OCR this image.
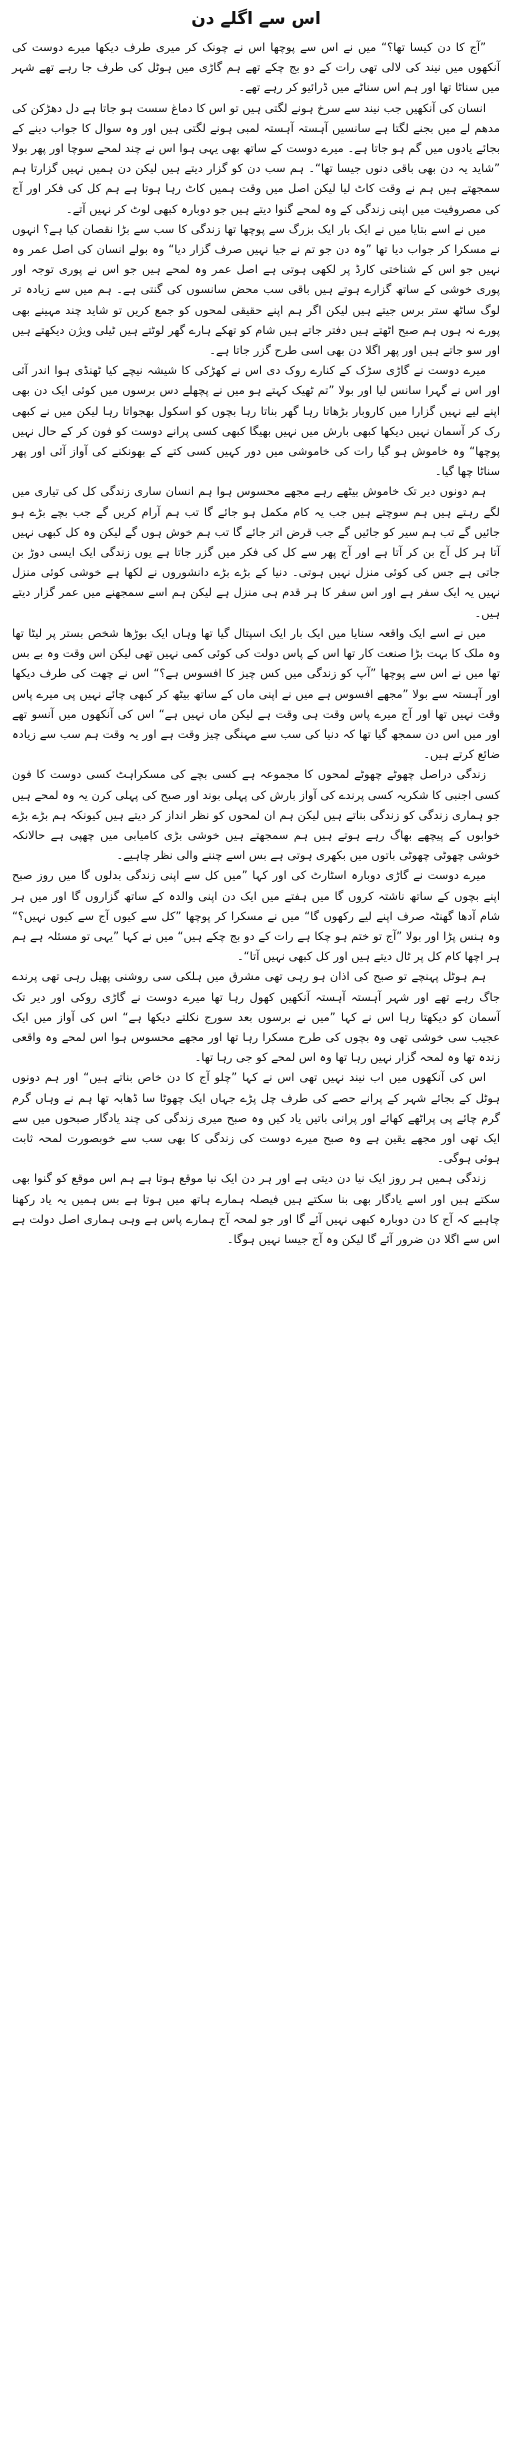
اس سے اگلے دن

”آج کا دن کیسا تھا؟“ میں نے اس سے پوچھا اس نے چونک کر میری طرف دیکھا میرے دوست کی آنکھوں میں نیند کی لالی تھی رات کے دو بج چکے تھے ہم گاڑی میں ہوٹل کی طرف جا رہے تھے شہر میں سناٹا تھا اور ہم اس سناٹے میں ڈرائیو کر رہے تھے۔

انسان کی آنکھیں جب نیند سے سرخ ہونے لگتی ہیں تو اس کا دماغ سست ہو جاتا ہے دل دھڑکن کی مدھم لے میں بجنے لگتا ہے سانسیں آہستہ آہستہ لمبی ہونے لگتی ہیں اور وہ سوال کا جواب دینے کے بجائے یادوں میں گم ہو جاتا ہے۔ میرے دوست کے ساتھ بھی یہی ہوا اس نے چند لمحے سوچا اور پھر بولا ”شاید یہ دن بھی باقی دنوں جیسا تھا“۔ ہم سب دن کو گزار دیتے ہیں لیکن دن ہمیں نہیں گزارتا ہم سمجھتے ہیں ہم نے وقت کاٹ لیا لیکن اصل میں وقت ہمیں کاٹ رہا ہوتا ہے ہم کل کی فکر اور آج کی مصروفیت میں اپنی زندگی کے وہ لمحے گنوا دیتے ہیں جو دوبارہ کبھی لوٹ کر نہیں آتے۔

میں نے اسے بتایا میں نے ایک بار ایک بزرگ سے پوچھا تھا زندگی کا سب سے بڑا نقصان کیا ہے؟ انہوں نے مسکرا کر جواب دیا تھا ”وہ دن جو تم نے جیا نہیں صرف گزار دیا“ وہ بولے انسان کی اصل عمر وہ نہیں جو اس کے شناختی کارڈ پر لکھی ہوتی ہے اصل عمر وہ لمحے ہیں جو اس نے پوری توجہ اور پوری خوشی کے ساتھ گزارے ہوتے ہیں باقی سب محض سانسوں کی گنتی ہے۔ ہم میں سے زیادہ تر لوگ ساٹھ ستر برس جیتے ہیں لیکن اگر ہم اپنے حقیقی لمحوں کو جمع کریں تو شاید چند مہینے بھی پورے نہ ہوں ہم صبح اٹھتے ہیں دفتر جاتے ہیں شام کو تھکے ہارے گھر لوٹتے ہیں ٹیلی ویژن دیکھتے ہیں اور سو جاتے ہیں اور پھر اگلا دن بھی اسی طرح گزر جاتا ہے۔

میرے دوست نے گاڑی سڑک کے کنارے روک دی اس نے کھڑکی کا شیشہ نیچے کیا ٹھنڈی ہوا اندر آئی اور اس نے گہرا سانس لیا اور بولا ”تم ٹھیک کہتے ہو میں نے پچھلے دس برسوں میں کوئی ایک دن بھی اپنے لیے نہیں گزارا میں کاروبار بڑھاتا رہا گھر بناتا رہا بچوں کو اسکول بھجواتا رہا لیکن میں نے کبھی رک کر آسمان نہیں دیکھا کبھی بارش میں نہیں بھیگا کبھی کسی پرانے دوست کو فون کر کے حال نہیں پوچھا“ وہ خاموش ہو گیا رات کی خاموشی میں دور کہیں کسی کتے کے بھونکنے کی آواز آئی اور پھر سناٹا چھا گیا۔

ہم دونوں دیر تک خاموش بیٹھے رہے مجھے محسوس ہوا ہم انسان ساری زندگی کل کی تیاری میں لگے رہتے ہیں ہم سوچتے ہیں جب یہ کام مکمل ہو جائے گا تب ہم آرام کریں گے جب بچے بڑے ہو جائیں گے تب ہم سیر کو جائیں گے جب قرض اتر جائے گا تب ہم خوش ہوں گے لیکن وہ کل کبھی نہیں آتا ہر کل آج بن کر آتا ہے اور آج پھر سے کل کی فکر میں گزر جاتا ہے یوں زندگی ایک ایسی دوڑ بن جاتی ہے جس کی کوئی منزل نہیں ہوتی۔ دنیا کے بڑے بڑے دانشوروں نے لکھا ہے خوشی کوئی منزل نہیں یہ ایک سفر ہے اور اس سفر کا ہر قدم ہی منزل ہے لیکن ہم اسے سمجھنے میں عمر گزار دیتے ہیں۔

میں نے اسے ایک واقعہ سنایا میں ایک بار ایک اسپتال گیا تھا وہاں ایک بوڑھا شخص بستر پر لیٹا تھا وہ ملک کا بہت بڑا صنعت کار تھا اس کے پاس دولت کی کوئی کمی نہیں تھی لیکن اس وقت وہ بے بس تھا میں نے اس سے پوچھا ”آپ کو زندگی میں کس چیز کا افسوس ہے؟“ اس نے چھت کی طرف دیکھا اور آہستہ سے بولا ”مجھے افسوس ہے میں نے اپنی ماں کے ساتھ بیٹھ کر کبھی چائے نہیں پی میرے پاس وقت نہیں تھا اور آج میرے پاس وقت ہی وقت ہے لیکن ماں نہیں ہے“ اس کی آنکھوں میں آنسو تھے اور میں اس دن سمجھ گیا تھا کہ دنیا کی سب سے مہنگی چیز وقت ہے اور یہ وقت ہم سب سے زیادہ ضائع کرتے ہیں۔

زندگی دراصل چھوٹے چھوٹے لمحوں کا مجموعہ ہے کسی بچے کی مسکراہٹ کسی دوست کا فون کسی اجنبی کا شکریہ کسی پرندے کی آواز بارش کی پہلی بوند اور صبح کی پہلی کرن یہ وہ لمحے ہیں جو ہماری زندگی کو زندگی بناتے ہیں لیکن ہم ان لمحوں کو نظر انداز کر دیتے ہیں کیونکہ ہم بڑے بڑے خوابوں کے پیچھے بھاگ رہے ہوتے ہیں ہم سمجھتے ہیں خوشی بڑی کامیابی میں چھپی ہے حالانکہ خوشی چھوٹی چھوٹی باتوں میں بکھری ہوتی ہے بس اسے چننے والی نظر چاہیے۔

میرے دوست نے گاڑی دوبارہ اسٹارٹ کی اور کہا ”میں کل سے اپنی زندگی بدلوں گا میں روز صبح اپنے بچوں کے ساتھ ناشتہ کروں گا میں ہفتے میں ایک دن اپنی والدہ کے ساتھ گزاروں گا اور میں ہر شام آدھا گھنٹہ صرف اپنے لیے رکھوں گا“ میں نے مسکرا کر پوچھا ”کل سے کیوں آج سے کیوں نہیں؟“ وہ ہنس پڑا اور بولا ”آج تو ختم ہو چکا ہے رات کے دو بج چکے ہیں“ میں نے کہا ”یہی تو مسئلہ ہے ہم ہر اچھا کام کل پر ٹال دیتے ہیں اور کل کبھی نہیں آتا“۔

ہم ہوٹل پہنچے تو صبح کی اذان ہو رہی تھی مشرق میں ہلکی سی روشنی پھیل رہی تھی پرندے جاگ رہے تھے اور شہر آہستہ آہستہ آنکھیں کھول رہا تھا میرے دوست نے گاڑی روکی اور دیر تک آسمان کو دیکھتا رہا اس نے کہا ”میں نے برسوں بعد سورج نکلتے دیکھا ہے“ اس کی آواز میں ایک عجیب سی خوشی تھی وہ بچوں کی طرح مسکرا رہا تھا اور مجھے محسوس ہوا اس لمحے وہ واقعی زندہ تھا وہ لمحہ گزار نہیں رہا تھا وہ اس لمحے کو جی رہا تھا۔

اس کی آنکھوں میں اب نیند نہیں تھی اس نے کہا ”چلو آج کا دن خاص بناتے ہیں“ اور ہم دونوں ہوٹل کے بجائے شہر کے پرانے حصے کی طرف چل پڑے جہاں ایک چھوٹا سا ڈھابہ تھا ہم نے وہاں گرم گرم چائے پی پراٹھے کھائے اور پرانی باتیں یاد کیں وہ صبح میری زندگی کی چند یادگار صبحوں میں سے ایک تھی اور مجھے یقین ہے وہ صبح میرے دوست کی زندگی کا بھی سب سے خوبصورت لمحہ ثابت ہوئی ہوگی۔

زندگی ہمیں ہر روز ایک نیا دن دیتی ہے اور ہر دن ایک نیا موقع ہوتا ہے ہم اس موقع کو گنوا بھی سکتے ہیں اور اسے یادگار بھی بنا سکتے ہیں فیصلہ ہمارے ہاتھ میں ہوتا ہے بس ہمیں یہ یاد رکھنا چاہیے کہ آج کا دن دوبارہ کبھی نہیں آئے گا اور جو لمحہ آج ہمارے پاس ہے وہی ہماری اصل دولت ہے اس سے اگلا دن ضرور آئے گا لیکن وہ آج جیسا نہیں ہوگا۔
